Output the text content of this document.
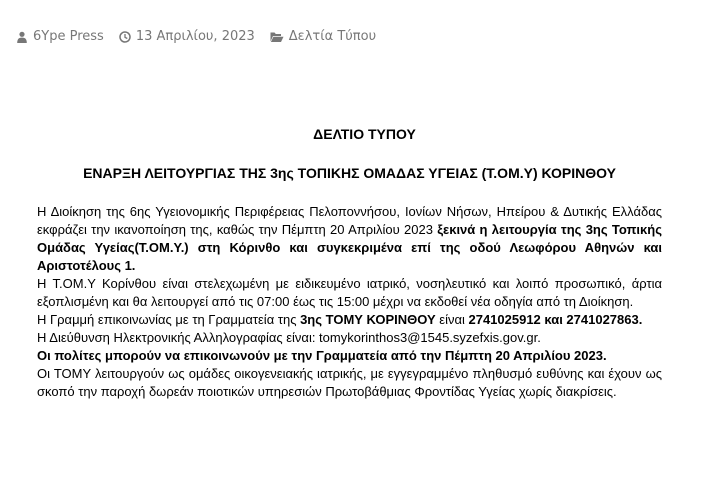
6Ype Press 13 Απριλίου, 2023	Δελτία Τύπου

ΔΕΛΤΙΟ ΤΥΠΟΥ

ΕΝΑΡΞΗ ΛΕΙΤΟΥΡΓΙΑΣ ΤΗΣ 3ης ΤΟΠΙΚΗΣ ΟΜΑΔΑΣ ΥΓΕΙΑΣ (Τ.ΟΜ.Υ) ΚΟΡΙΝΘΟΥ

Η Διοίκηση της 6ης Υγειονομικής Περιφέρειας Πελοποννήσου, Ιονίων Νήσων, Ηπείρου & Δυτικής Ελλάδας εκφράζει την ικανοποίηση της, καθώς την Πέμπτη 20 Απριλίου 2023 ξεκινά η λειτουργία της 3ης Τοπικής Ομάδας Υγείας(Τ.ΟΜ.Υ.) στη Κόρινθο και συγκεκριμένα επί της οδού Λεωφόρου Αθηνών και Αριστοτέλους 1.

Η Τ.ΟΜ.Υ Κορίνθου είναι στελεχωμένη με ειδικευμένο ιατρικό, νοσηλευτικό και λοιπό προσωπικό, άρτια εξοπλισμένη και θα λειτουργεί από τις 07:00 έως τις 15:00 μέχρι να εκδοθεί νέα οδηγία από τη Διοίκηση.

Η Γραμμή επικοινωνίας με τη Γραμματεία της 3ης ΤΟΜΥ ΚΟΡΙΝΘΟΥ είναι 2741025912 και 2741027863.

Η Διεύθυνση Ηλεκτρονικής Αλληλογραφίας είναι: tomykorinthos3@1545.syzefxis.gov.gr.

Οι πολίτες μπορούν να επικοινωνούν με την Γραμματεία από την Πέμπτη 20 Απριλίου 2023.

Οι ΤΟΜΥ λειτουργούν ως ομάδες οικογενειακής ιατρικής, με εγγεγραμμένο πληθυσμό ευθύνης και έχουν ως σκοπό την παροχή δωρεάν ποιοτικών υπηρεσιών Πρωτοβάθμιας Φροντίδας Υγείας χωρίς διακρίσεις.
